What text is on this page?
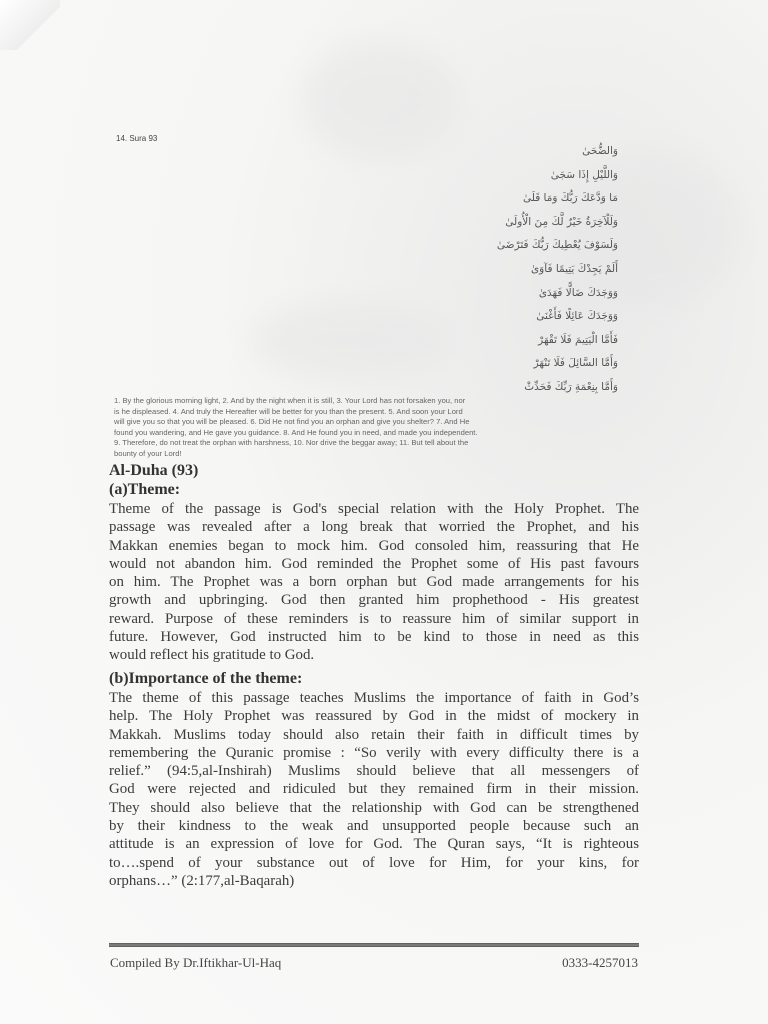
14. Sura 93
وَالضُّحَىٰ
وَاللَّيْلِ إِذَا سَجَىٰ
مَا وَدَّعَكَ رَبُّكَ وَمَا قَلَىٰ
وَلَلْآخِرَةُ خَيْرٌ لَّكَ مِنَ الْأُولَىٰ
وَلَسَوْفَ يُعْطِيكَ رَبُّكَ فَتَرْضَىٰ
أَلَمْ يَجِدْكَ يَتِيمًا فَآوَىٰ
وَوَجَدَكَ ضَالًّا فَهَدَىٰ
وَوَجَدَكَ عَائِلًا فَأَغْنَىٰ
فَأَمَّا الْيَتِيمَ فَلَا تَقْهَرْ
وَأَمَّا السَّائِلَ فَلَا تَنْهَرْ
وَأَمَّا بِنِعْمَةِ رَبِّكَ فَحَدِّثْ
1. By the glorious morning light, 2. And by the night when it is still, 3. Your Lord has not forsaken you, nor
is he displeased. 4. And truly the Hereafter will be better for you than the present. 5. And soon your Lord
will give you so that you will be pleased. 6. Did He not find you an orphan and give you shelter? 7. And He
found you wandering, and He gave you guidance. 8. And He found you in need, and made you independent.
9. Therefore, do not treat the orphan with harshness, 10. Nor drive the beggar away; 11. But tell about the
bounty of your Lord!
Al-Duha (93)
(a)Theme:
Theme of the passage is God's special relation with the Holy Prophet. The
passage was revealed after a long break that worried the Prophet, and his
Makkan enemies began to mock him. God consoled him, reassuring that He
would not abandon him. God reminded the Prophet some of His past favours
on him. The Prophet was a born orphan but God made arrangements for his
growth and upbringing. God then granted him prophethood - His greatest
reward. Purpose of these reminders is to reassure him of similar support in
future. However, God instructed him to be kind to those in need as this
would reflect his gratitude to God.
(b)Importance of the theme:
The theme of this passage teaches Muslims the importance of faith in God’s
help. The Holy Prophet was reassured by God in the midst of mockery in
Makkah. Muslims today should also retain their faith in difficult times by
remembering the Quranic promise : “So verily with every difficulty there is a
relief.” (94:5,al-Inshirah) Muslims should believe that all messengers of
God were rejected and ridiculed but they remained firm in their mission.
They should also believe that the relationship with God can be strengthened
by their kindness to the weak and unsupported people because such an
attitude is an expression of love for God. The Quran says, “It is righteous
to….spend of your substance out of love for Him, for your kins, for
orphans…” (2:177,al-Baqarah)
Compiled By Dr.Iftikhar-Ul-Haq	0333-4257013
